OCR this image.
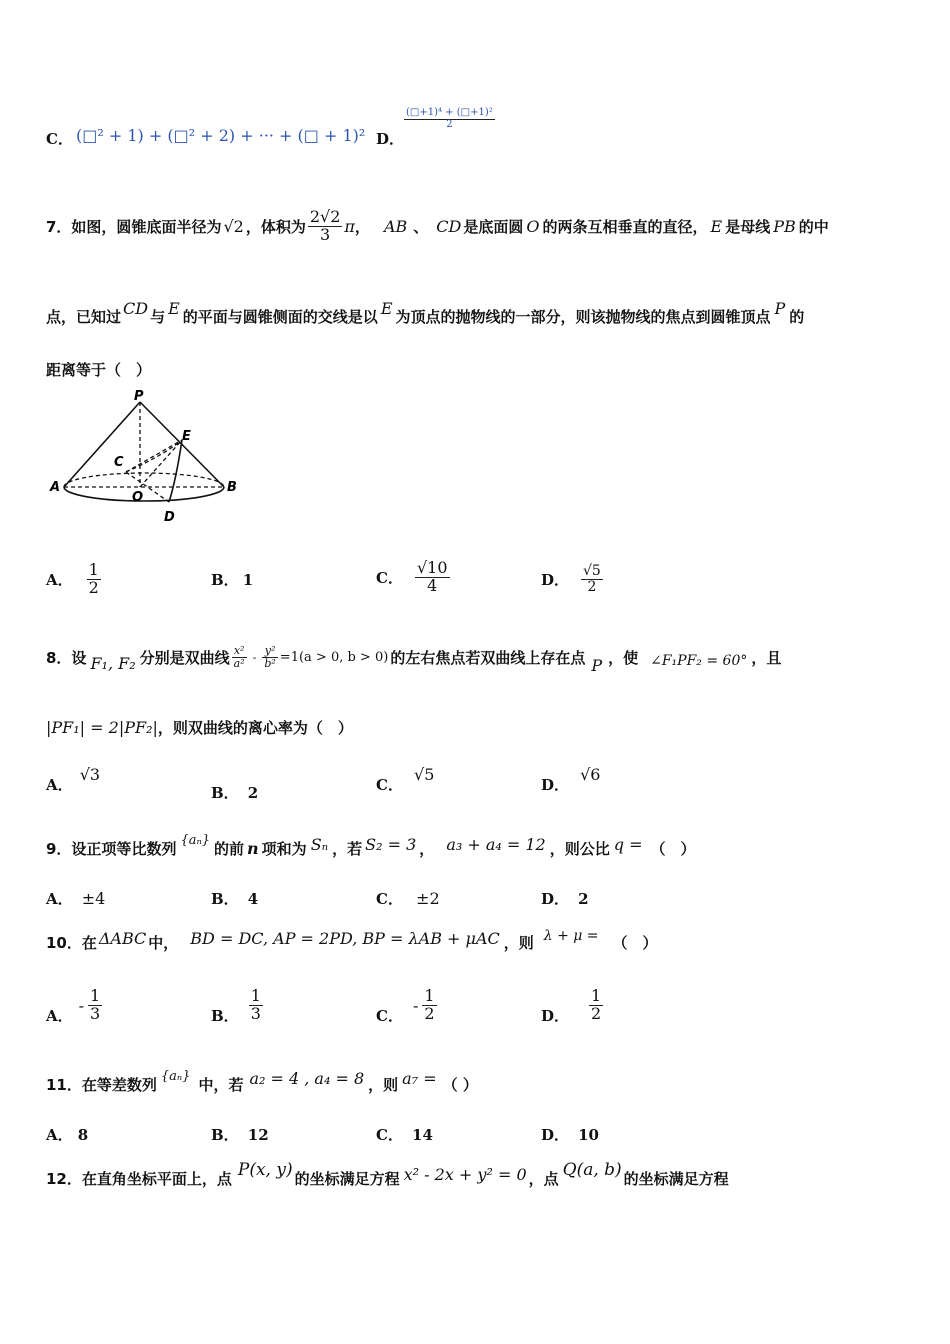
C． (□² + 1) + (□² + 2) + ··· + (□ + 1)² D．
$\frac{\text{(□+1)⁴ + (□+1)²}}{2}$
7．如图，圆锥底面半径为 √2 ，体积为 $\frac{2√2}{3}$ π ， AB 、 CD 是底面圆 O 的两条互相垂直的直径， E 是母线 PB 的中
点，已知过 CD 与 E 的平面与圆锥侧面的交线是以 E 为顶点的抛物线的一部分，则该抛物线的焦点到圆锥顶点 P 的
距离等于（　）
P
E
C
A
O
B
D
A． $\frac{1}{2}$	B． 1	C． $\frac{√10}{4}$	D． $\frac{√5}{2}$
8．设 F₁, F₂ 分别是双曲线 $\frac{\text{x²}}{\text{a²}} - \frac{\text{y²}}{\text{b²}} =1(a > 0$, b > 0) 的左右焦点若双曲线上存在点 P ，使 ∠F₁PF₂ = 60° ，且
|PF₁| = 2|PF₂| ，则双曲线的离心率为（　）
A． √3
B． 2	C． √5
D． √6
9．设正项等比数列 {aₙ} 的前 n 项和为 Sₙ ，若 S₂ = 3 ， a₃ + a₄ = 12 ，则公比 q = （　）
A． ±4	B． 4	C． ±2	D． 2
10．在 ΔABC 中， BD = DC, AP = 2PD, BP = λAB + μAC ，则 λ + μ = （　）
A．
- $\frac{1}{3}$	B． $\frac{1}{3}$	C．
- $\frac{1}{2}$	D． $\frac{1}{2}$
11．在等差数列 {aₙ} 中，若 a₂ = 4 , a₄ = 8 ，则 a₇ = （ ）
A． 8	B． 12	C． 14	D． 10
12．在直角坐标平面上，点 P(x, y) 的坐标满足方程 x² - 2x + y² = 0 ，点 Q(a, b) 的坐标满足方程
